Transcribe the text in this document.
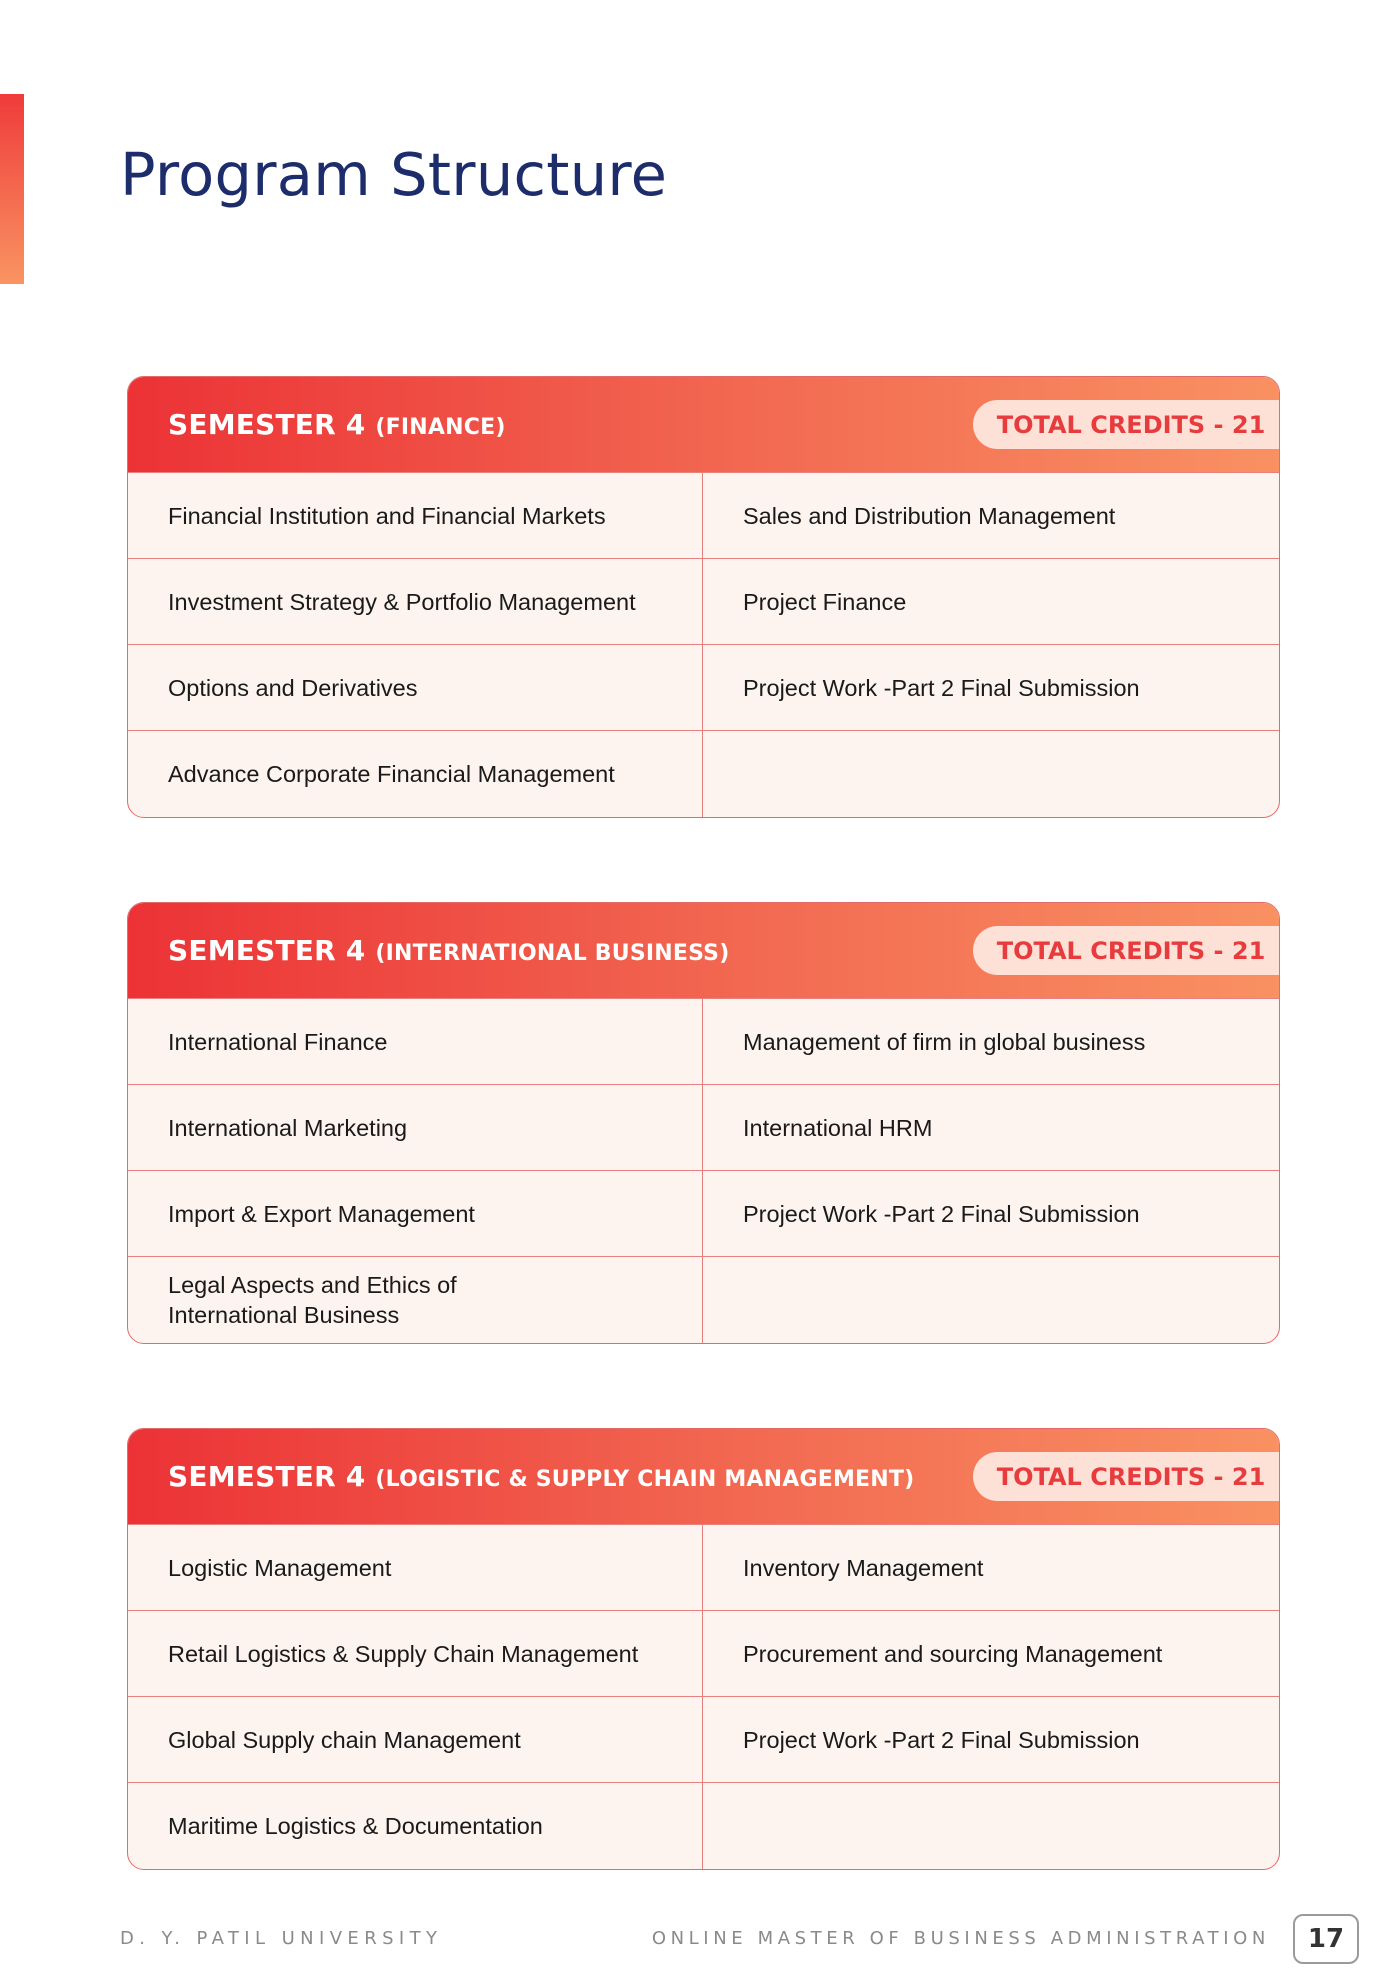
Program Structure
SEMESTER 4 (FINANCE)	TOTAL CREDITS - 21
Financial Institution and Financial Markets	Sales and Distribution Management
Investment Strategy & Portfolio Management	Project Finance
Options and Derivatives	Project Work -Part 2 Final Submission
Advance Corporate Financial Management
SEMESTER 4 (INTERNATIONAL BUSINESS)	TOTAL CREDITS - 21
International Finance	Management of firm in global business
International Marketing	International HRM
Import & Export Management	Project Work -Part 2 Final Submission
Legal Aspects and Ethics of International Business
SEMESTER 4 (LOGISTIC & SUPPLY CHAIN MANAGEMENT)	TOTAL CREDITS - 21
Logistic Management	Inventory Management
Retail Logistics & Supply Chain Management	Procurement and sourcing Management
Global Supply chain Management	Project Work -Part 2 Final Submission
Maritime Logistics & Documentation
D. Y. PATIL UNIVERSITY	ONLINE MASTER OF BUSINESS ADMINISTRATION	17
